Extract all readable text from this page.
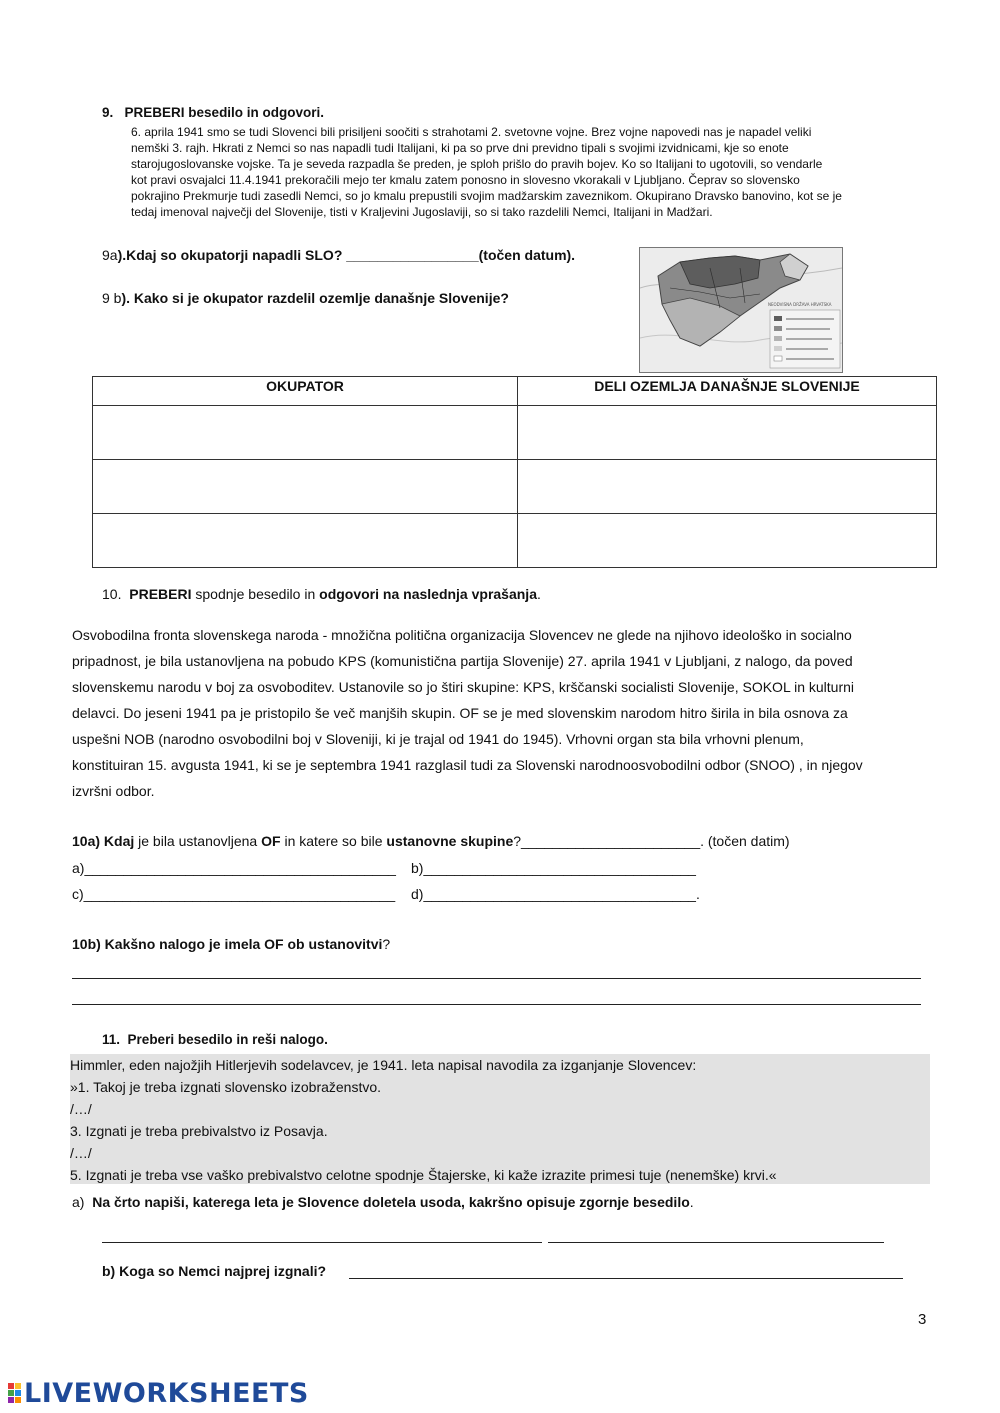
9. PREBERI besedilo in odgovori.
6. aprila 1941 smo se tudi Slovenci bili prisiljeni soočiti s strahotami 2. svetovne vojne. Brez vojne napovedi nas je napadel veliki
nemški 3. rajh. Hkrati z Nemci so nas napadli tudi Italijani, ki pa so prve dni previdno tipali s svojimi izvidnicami, kje so enote
starojugoslovanske vojske. Ta je seveda razpadla še preden, je sploh prišlo do pravih bojev. Ko so Italijani to ugotovili, so vendarle
kot pravi osvajalci 11.4.1941 prekoračili mejo ter kmalu zatem ponosno in slovesno vkorakali v Ljubljano. Čeprav so slovensko
pokrajino Prekmurje tudi zasedli Nemci, so jo kmalu prepustili svojim madžarskim zaveznikom. Okupirano Dravsko banovino, kot se je
tedaj imenoval največji del Slovenije, tisti v Kraljevini Jugoslaviji, so si tako razdelili Nemci, Italijani in Madžari.
9a).Kdaj so okupatorji napadli SLO? _________________(točen datum).
9 b). Kako si je okupator razdelil ozemlje današnje Slovenije?	NEODVISNA DRŽAVA HRVATSKA
OKUPATOR	DELI OZEMLJA DANAŠNJE SLOVENIJE

10. PREBERI spodnje besedilo in odgovori na naslednja vprašanja.
Osvobodilna fronta slovenskega naroda - množična politična organizacija Slovencev ne glede na njihovo ideološko in socialno
pripadnost, je bila ustanovljena na pobudo KPS (komunistična partija Slovenije) 27. aprila 1941 v Ljubljani, z nalogo, da poved
slovenskemu narodu v boj za osvoboditev. Ustanovile so jo štiri skupine: KPS, krščanski socialisti Slovenije, SOKOL in kulturni
delavci. Do jeseni 1941 pa je pristopilo še več manjših skupin. OF se je med slovenskim narodom hitro širila in bila osnova za
uspešni NOB (narodno osvobodilni boj v Sloveniji, ki je trajal od 1941 do 1945). Vrhovni organ sta bila vrhovni plenum,
konstituiran 15. avgusta 1941, ki se je septembra 1941 razglasil tudi za Slovenski narodnoosvobodilni odbor (SNOO) , in njegov
izvršni odbor.
10a) Kdaj je bila ustanovljena OF in katere so bile ustanovne skupine?_______________________. (točen datim)
a)________________________________________ b)___________________________________
c)________________________________________ d)___________________________________.
10b) Kakšno nalogo je imela OF ob ustanovitvi?
11. Preberi besedilo in reši nalogo.
Himmler, eden najožjih Hitlerjevih sodelavcev, je 1941. leta napisal navodila za izganjanje Slovencev:
»1. Takoj je treba izgnati slovensko izobraženstvo.
/…/
3. Izgnati je treba prebivalstvo iz Posavja.
/…/
5. Izgnati je treba vse vaško prebivalstvo celotne spodnje Štajerske, ki kaže izrazite primesi tuje (nenemške) krvi.«
a) Na črto napiši, katerega leta je Slovence doletela usoda, kakršno opisuje zgornje besedilo.
b) Koga so Nemci najprej izgnali?
3
LIVEWORKSHEETS
